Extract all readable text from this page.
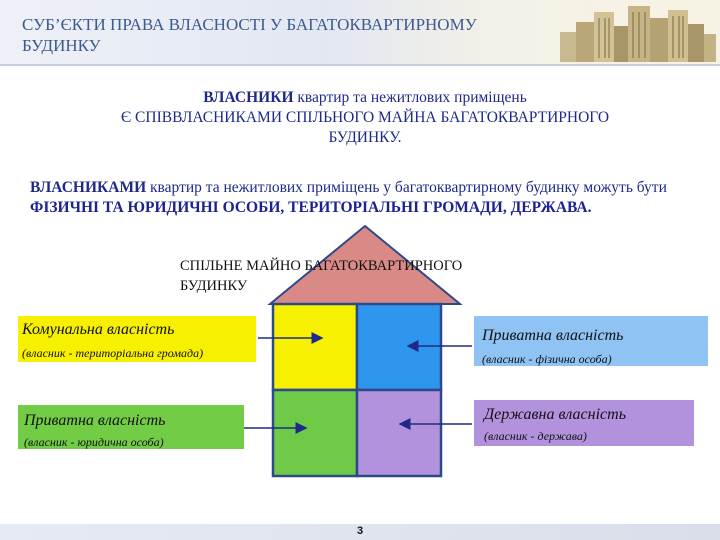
СУБ’ЄКТИ ПРАВА ВЛАСНОСТІ У БАГАТОКВАРТИРНОМУ
БУДИНКУ
ВЛАСНИКИ квартир та нежитлових приміщень
Є СПІВВЛАСНИКАМИ СПІЛЬНОГО МАЙНА БАГАТОКВАРТИРНОГО
БУДИНКУ.
ВЛАСНИКАМИ квартир та нежитлових приміщень у багатоквартирному будинку можуть бути ФІЗИЧНІ ТА ЮРИДИЧНІ ОСОБИ, ТЕРИТОРІАЛЬНІ ГРОМАДИ, ДЕРЖАВА.
СПІЛЬНЕ МАЙНО БАГАТОКВАРТИРНОГО
БУДИНКУ
Комунальна власність
(власник - територіальна громада)
Приватна власність
(власник - фізична особа)
Приватна власність
(власник - юридична особа)
Державна власність
(власник - держава)
3
